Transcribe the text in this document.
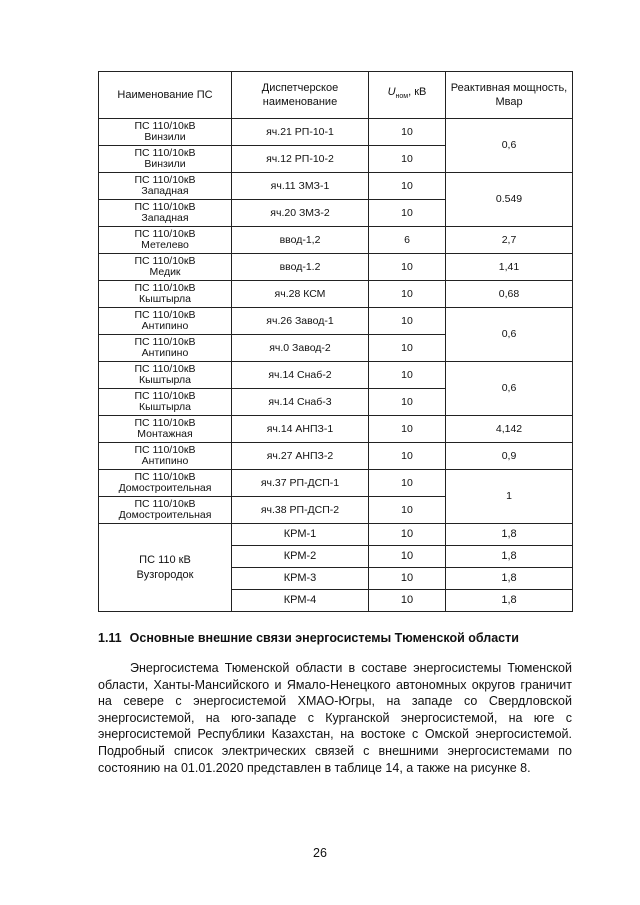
Наименование ПС	Диспетчерское наименование	$U_{ном}$, кВ	Реактивная мощность, Мвар

ПС 110/10кВ
Винзили	яч.21 РП-10-1	10	0,6

ПС 110/10кВ
Винзили	яч.12 РП-10-2	10	

ПС 110/10кВ
Западная	яч.11 ЗМЗ-1	10	0.549

ПС 110/10кВ
Западная	яч.20 ЗМЗ-2	10	

ПС 110/10кВ
Метелево	ввод-1,2	6	2,7

ПС 110/10кВ
Медик	ввод-1.2	10	1,41

ПС 110/10кВ
Кыштырла	яч.28 КСМ	10	0,68

ПС 110/10кВ
Антипино	яч.26 Завод-1	10	0,6

ПС 110/10кВ
Антипино	яч.0 Завод-2	10	

ПС 110/10кВ
Кыштырла	яч.14 Снаб-2	10	0,6

ПС 110/10кВ
Кыштырла	яч.14 Снаб-3	10	

ПС 110/10кВ
Монтажная	яч.14 АНПЗ-1	10	4,142

ПС 110/10кВ
Антипино	яч.27 АНПЗ-2	10	0,9

ПС 110/10кВ
Домостроительная	яч.37 РП-ДСП-1	10	1

ПС 110/10кВ
Домостроительная	яч.38 РП-ДСП-2	10	

ПС 110 кВ
Вузгородок	КРМ-1	10	1,8
	КРМ-2	10	1,8
	КРМ-3	10	1,8
	КРМ-4	10	1,8
1.11 Основные внешние связи энергосистемы Тюменской области

Энергосистема Тюменской области в составе энергосистемы Тюменской области, Ханты-Мансийского и Ямало-Ненецкого автономных округов граничит на севере с энергосистемой ХМАО-Югры, на западе со Свердловской энергосистемой, на юго-западе с Курганской энергосистемой, на юге с энергосистемой Республики Казахстан, на востоке с Омской энергосистемой. Подробный список электрических связей с внешними энергосистемами по состоянию на 01.01.2020 представлен в таблице 14, а также на рисунке 8.

26
